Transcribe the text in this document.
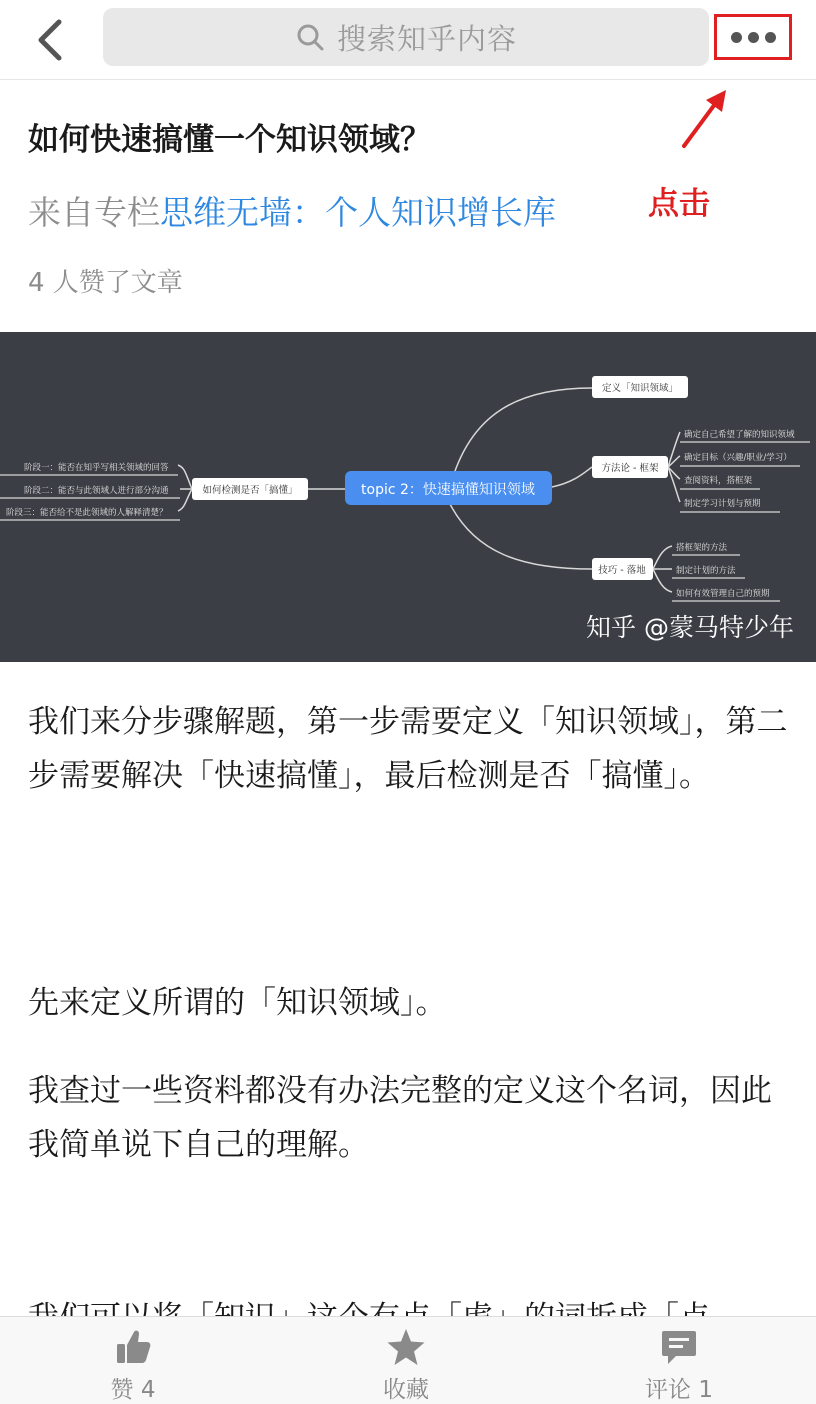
搜索知乎内容
点击
如何快速搞懂一个知识领域？
来自专栏思维无墙：个人知识增长库
4 人赞了文章
topic 2：快速搞懂知识领域
如何检测是否「搞懂」
阶段一：能否在知乎写相关领域的回答
阶段二：能否与此领域人进行部分沟通
阶段三：能否给不是此领域的人解释清楚？
定义「知识领域」
方法论 - 框架
技巧 - 落地
确定自己希望了解的知识领域
确定目标（兴趣/职业/学习）
查阅资料，搭框架
制定学习计划与预期
搭框架的方法
制定计划的方法
如何有效管理自己的预期
知乎 @蒙马特少年
我们来分步骤解题，第一步需要定义「知识领域」，第二步需要解决「快速搞懂」，最后检测是否「搞懂」。
先来定义所谓的「知识领域」。
我查过一些资料都没有办法完整的定义这个名词，因此我简单说下自己的理解。
赞 4	收藏	评论 1
